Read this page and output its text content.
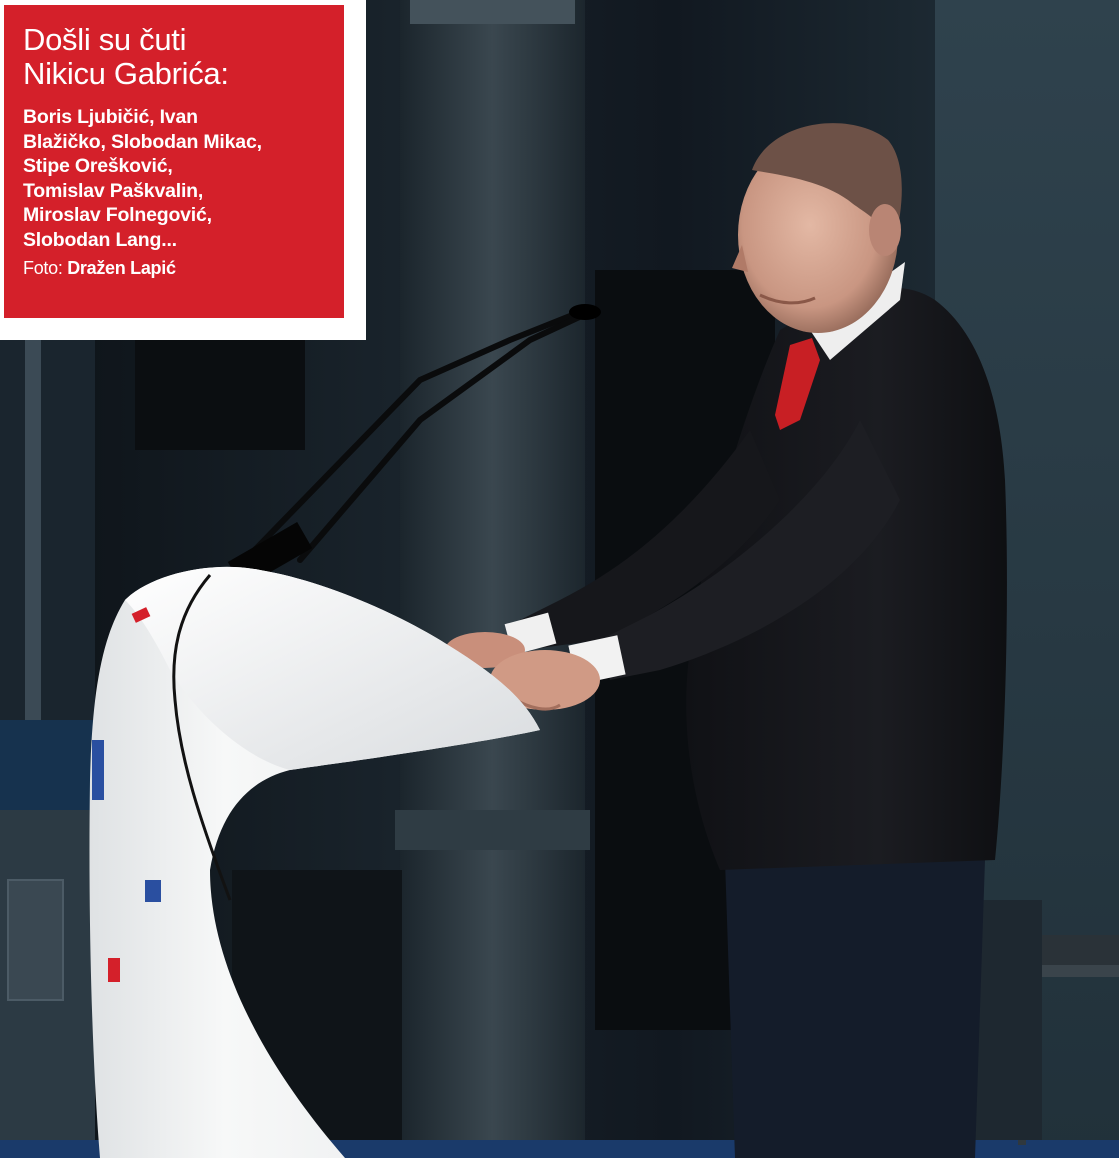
Došli su čuti
Nikicu Gabrića:
Boris Ljubičić, Ivan
Blažičko, Slobodan Mikac,
Stipe Orešković,
Tomislav Paškvalin,
Miroslav Folnegović,
Slobodan Lang...
Foto: Dražen Lapić
